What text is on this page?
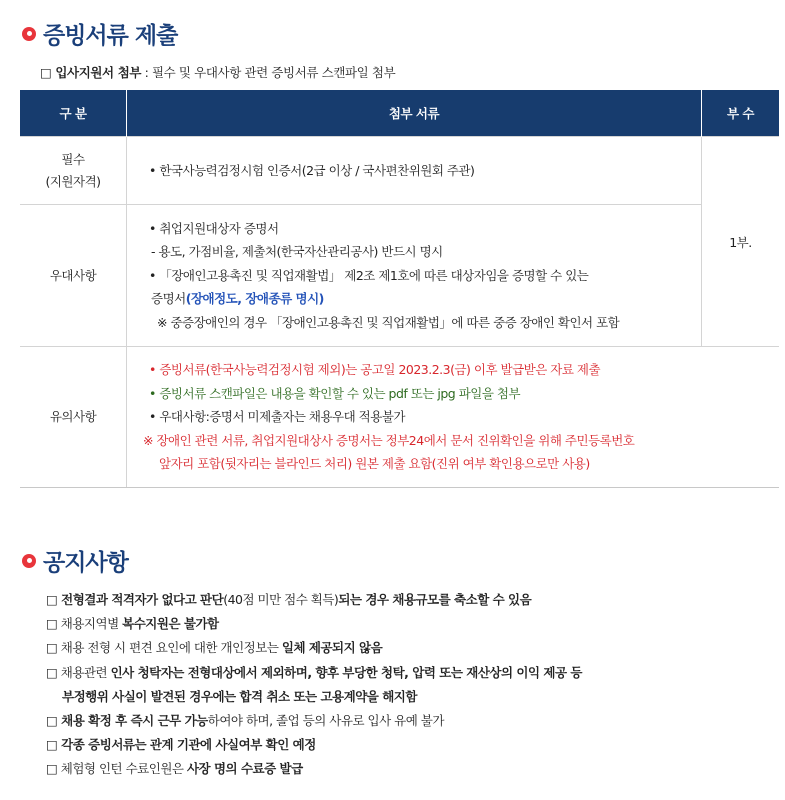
증빙서류 제출
□ 입사지원서 첨부 : 필수 및 우대사항 관련 증빙서류 스캔파일 첨부
구 분	첨부 서류	부 수

필수
(지원자격)	• 한국사능력검정시험 인증서(2급 이상 / 국사편찬위원회 주관)	1부.
우대사항	• 취업지원대상자 증명서
- 용도, 가점비율, 제출처(한국자산관리공사) 반드시 명시
• 「장애인고용촉진 및 직업재활법」 제2조 제1호에 따른 대상자임을 증명할 수 있는
증명서(장애정도, 장애종류 명시)
※ 중증장애인의 경우 「장애인고용촉진 및 직업재활법」에 따른 중증 장애인 확인서 포함	

유의사항	• 증빙서류(한국사능력검정시험 제외)는 공고일 2023.2.3(금) 이후 발급받은 자료 제출
• 증빙서류 스캔파일은 내용을 확인할 수 있는 pdf 또는 jpg 파일을 첨부
• 우대사항:증명서 미제출자는 채용우대 적용불가
※ 장애인 관련 서류, 취업지원대상사 증명서는 정부24에서 문서 진위확인을 위해 주민등록번호
앞자리 포함(뒷자리는 블라인드 처리) 원본 제출 요함(진위 여부 확인용으로만 사용)	
공지사항
□ 전형결과 적격자가 없다고 판단(40점 미만 점수 획득)되는 경우 채용규모를 축소할 수 있음
□ 채용지역별 복수지원은 불가함
□ 채용 전형 시 편견 요인에 대한 개인정보는 일체 제공되지 않음
□ 채용관련 인사 청탁자는 전형대상에서 제외하며, 향후 부당한 청탁, 압력 또는 재산상의 이익 제공 등
부정행위 사실이 발견된 경우에는 합격 취소 또는 고용계약을 해지함
□ 채용 확정 후 즉시 근무 가능하여야 하며, 졸업 등의 사유로 입사 유예 불가
□ 각종 증빙서류는 관계 기관에 사실여부 확인 예정
□ 체험형 인턴 수료인원은 사장 명의 수료증 발급
